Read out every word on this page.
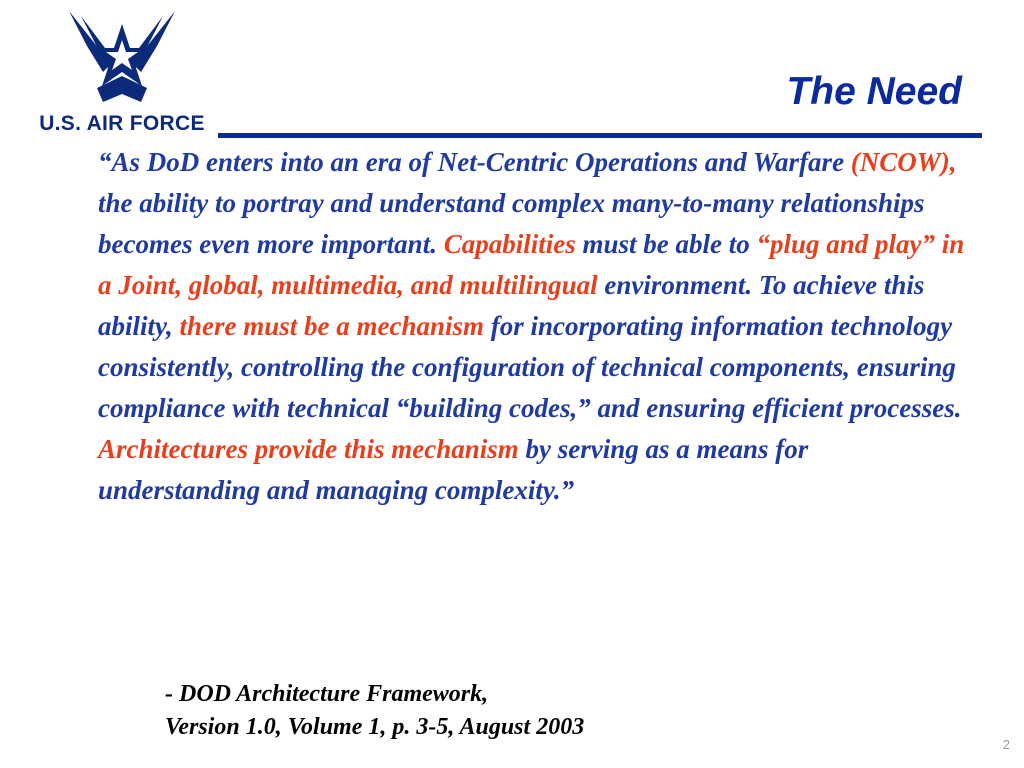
U.S. AIR FORCE
The Need
“As DoD enters into an era of Net-Centric Operations and Warfare (NCOW), the ability to portray and understand complex many-to-many relationships becomes even more important. Capabilities must be able to “plug and play” in a Joint, global, multimedia, and multilingual environment. To achieve this ability, there must be a mechanism for incorporating information technology consistently, controlling the configuration of technical components, ensuring compliance with technical “building codes,” and ensuring efficient processes. Architectures provide this mechanism by serving as a means for understanding and managing complexity.”
- DOD Architecture Framework,
Version 1.0, Volume 1, p. 3-5, August 2003
2
